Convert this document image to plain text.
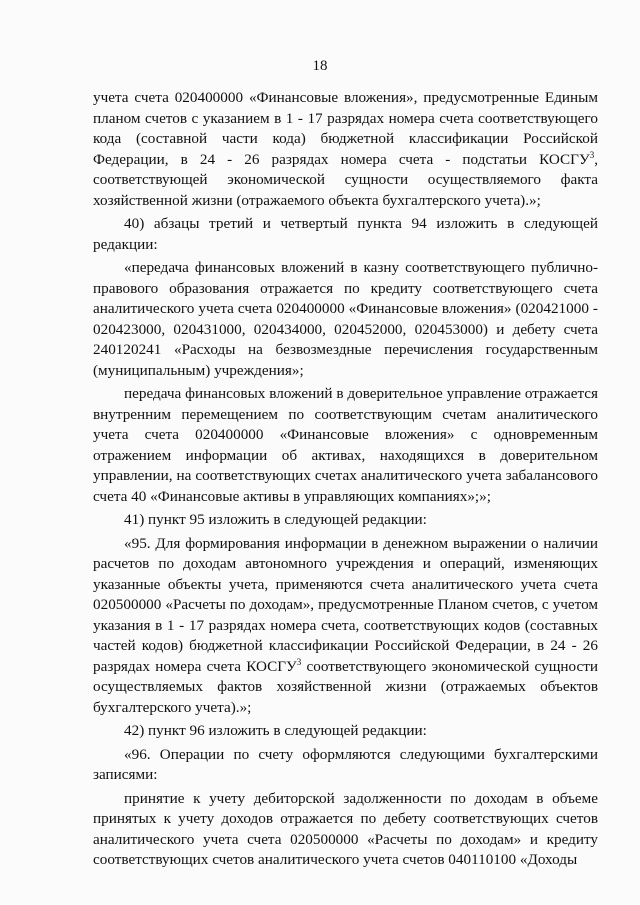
18

учета счета 020400000 «Финансовые вложения», предусмотренные Единым планом счетов с указанием в 1 - 17 разрядах номера счета соответствующего кода (составной части кода) бюджетной классификации Российской Федерации, в 24 - 26 разрядах номера счета - подстатьи КОСГУ$^3$, соответствующей экономической сущности осуществляемого факта хозяйственной жизни (отражаемого объекта бухгалтерского учета).»;

40) абзацы третий и четвертый пункта 94 изложить в следующей редакции:

«передача финансовых вложений в казну соответствующего публично-правового образования отражается по кредиту соответствующего счета аналитического учета счета 020400000 «Финансовые вложения» (020421000 - 020423000, 020431000, 020434000, 020452000, 020453000) и дебету счета 240120241 «Расходы на безвозмездные перечисления государственным (муниципальным) учреждения»;

передача финансовых вложений в доверительное управление отражается внутренним перемещением по соответствующим счетам аналитического учета счета 020400000 «Финансовые вложения» с одновременным отражением информации об активах, находящихся в доверительном управлении, на соответствующих счетах аналитического учета забалансового счета 40 «Финансовые активы в управляющих компаниях»;»;

41) пункт 95 изложить в следующей редакции:

«95. Для формирования информации в денежном выражении о наличии расчетов по доходам автономного учреждения и операций, изменяющих указанные объекты учета, применяются счета аналитического учета счета 020500000 «Расчеты по доходам», предусмотренные Планом счетов, с учетом указания в 1 - 17 разрядах номера счета, соответствующих кодов (составных частей кодов) бюджетной классификации Российской Федерации, в 24 - 26 разрядах номера счета КОСГУ$^3$ соответствующего экономической сущности осуществляемых фактов хозяйственной жизни (отражаемых объектов бухгалтерского учета).»;

42) пункт 96 изложить в следующей редакции:

«96. Операции по счету оформляются следующими бухгалтерскими записями:

принятие к учету дебиторской задолженности по доходам в объеме принятых к учету доходов отражается по дебету соответствующих счетов аналитического учета счета 020500000 «Расчеты по доходам» и кредиту соответствующих счетов аналитического учета счетов 040110100 «Доходы
